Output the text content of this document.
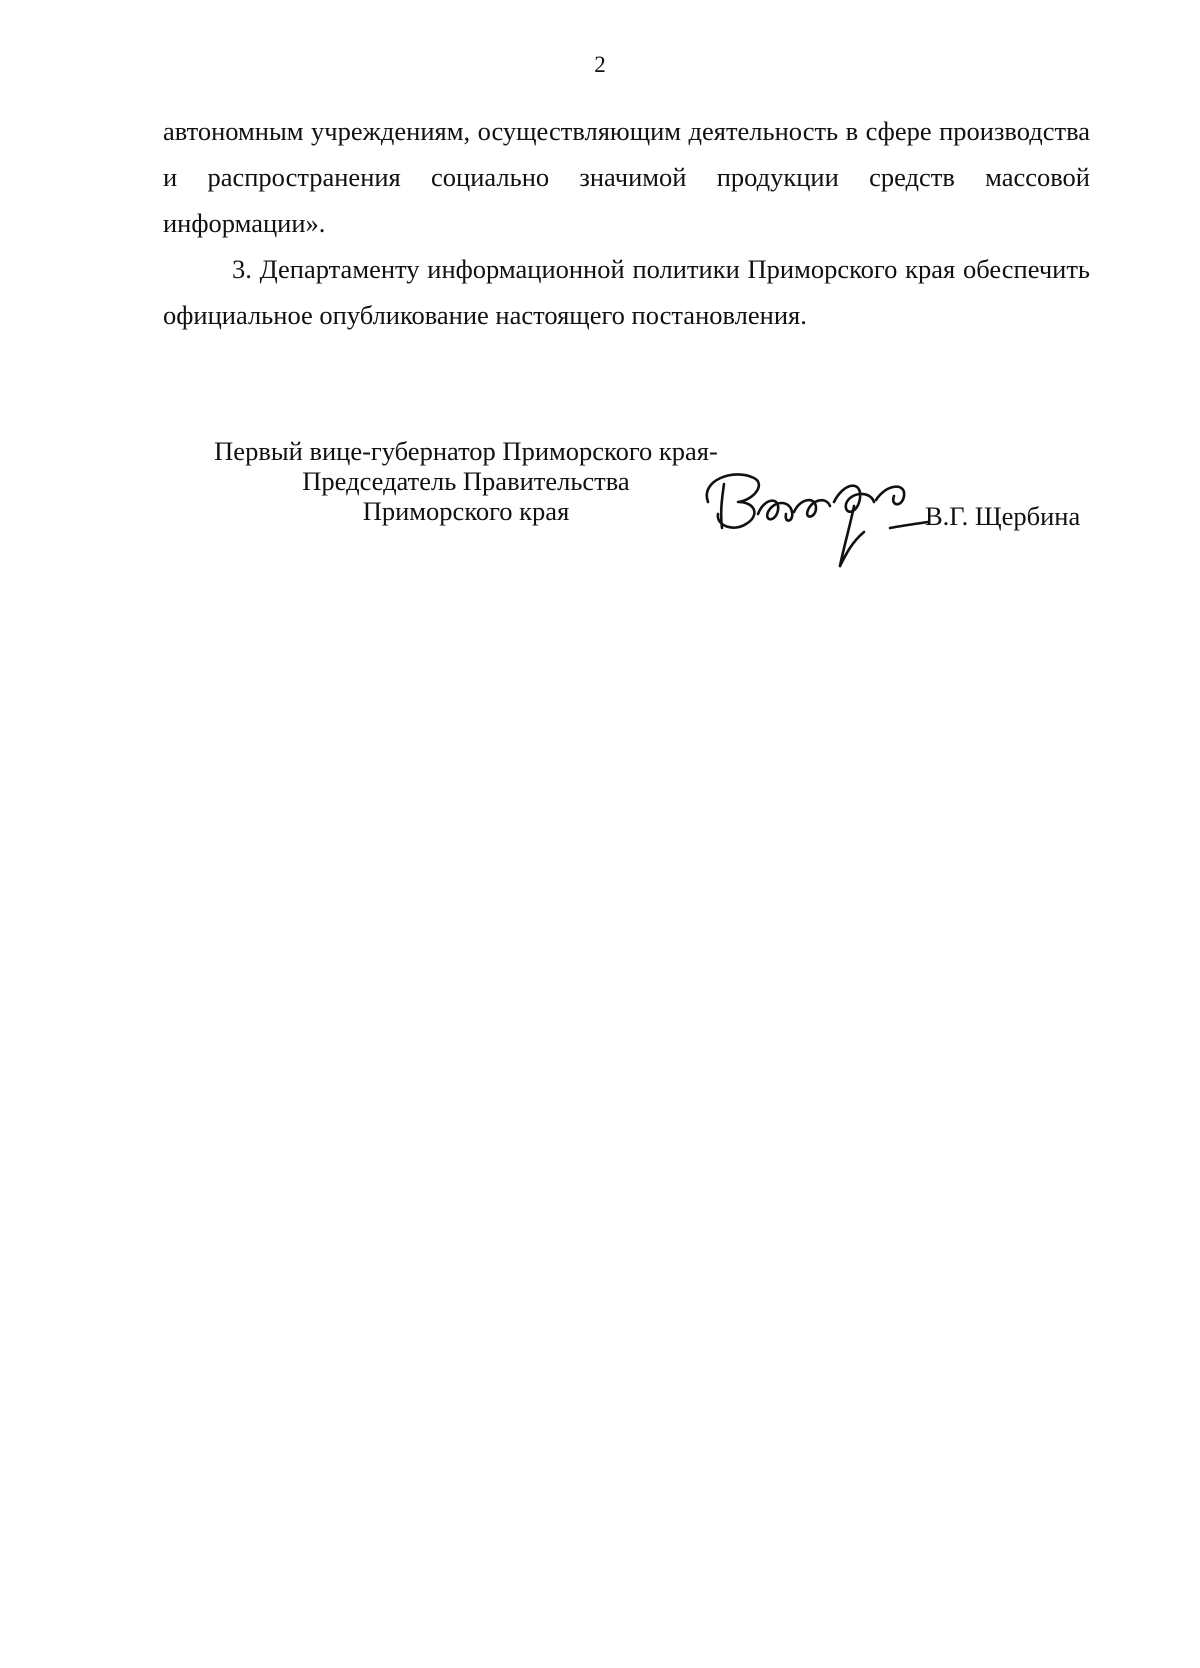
2

автономным учреждениям, осуществляющим деятельность в сфере производства и распространения социально значимой продукции средств массовой информации».

3. Департаменту информационной политики Приморского края обеспечить официальное опубликование настоящего постановления.

Первый вице-губернатор Приморского края-
Председатель Правительства
Приморского края	В.Г. Щербина
